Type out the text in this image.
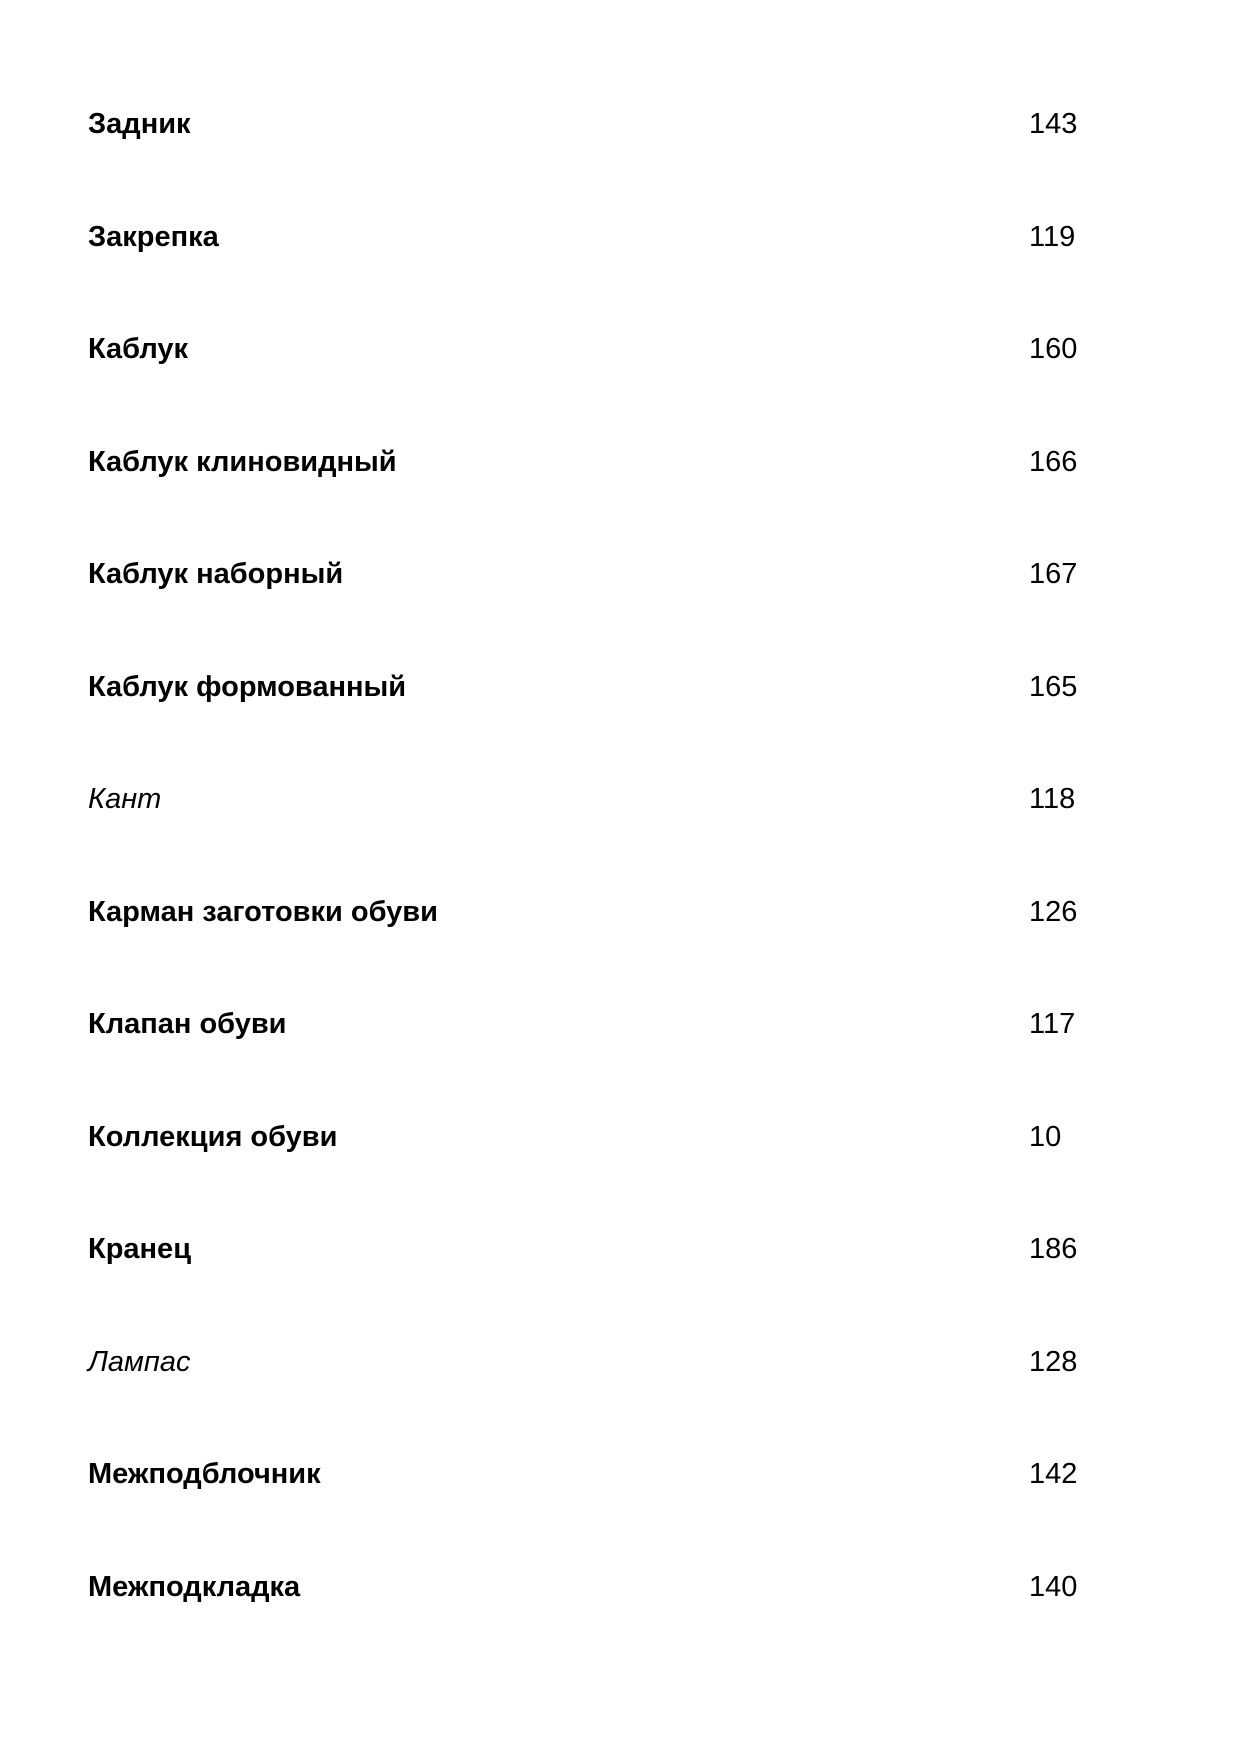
Задник	143
Закрепка	119
Каблук	160
Каблук клиновидный	166
Каблук наборный	167
Каблук формованный	165
Кант	118
Карман заготовки обуви	126
Клапан обуви	117
Коллекция обуви	10
Кранец	186
Лампас	128
Межподблочник	142
Межподкладка	140
